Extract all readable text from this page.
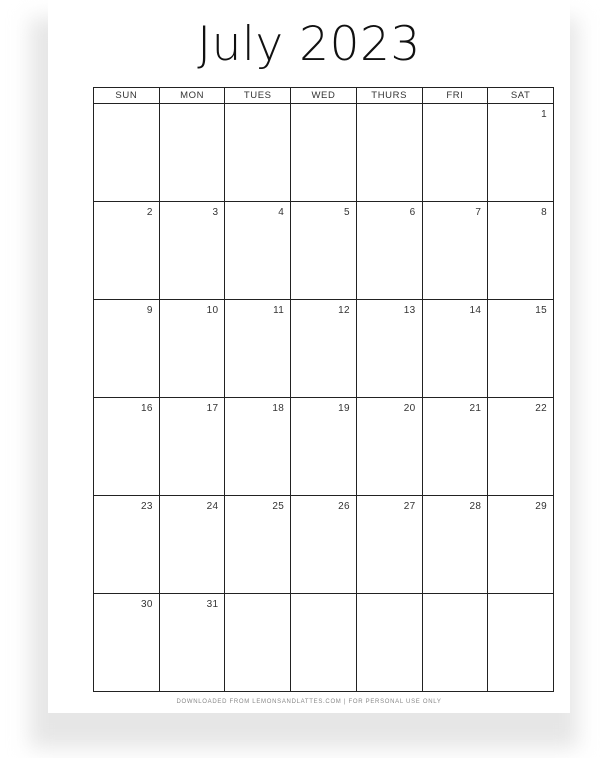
July 2023
SUN	MON	TUES	WED	THURS	FRI	SAT
						1
2	3	4	5	6	7	8
9	10	11	12	13	14	15
16	17	18	19	20	21	22
23	24	25	26	27	28	29
30	31					
DOWNLOADED FROM LEMONSANDLATTES.COM | FOR PERSONAL USE ONLY
